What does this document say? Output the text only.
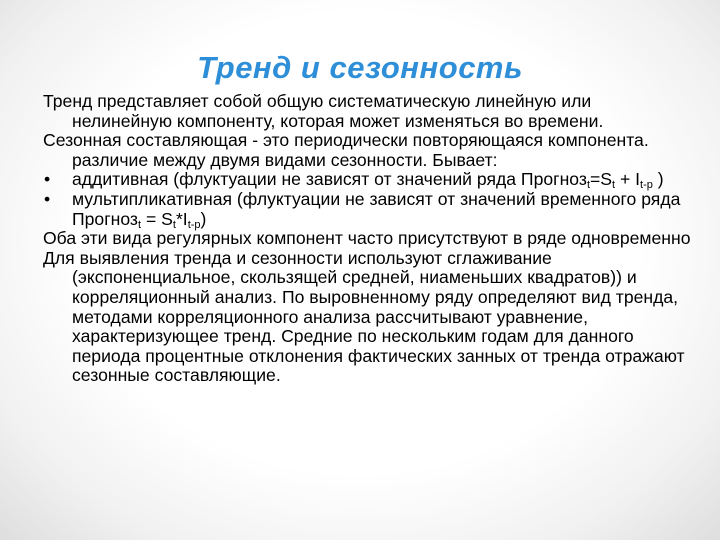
Тренд и сезонность

Тренд представляет собой общую систематическую линейную или нелинейную компоненту, которая может изменяться во времени.

Сезонная составляющая - это периодически повторяющаяся компонента. различие между двумя видами сезонности. Бывает:

•	аддитивная (флуктуации не зависят от значений ряда $Прогноз_t=S_t + I_{t-p}$ )
•	мультипликативная (флуктуации не зависят от значений временного ряда Прогноз$_t$ = $S_t*I_{t-p}$)

Оба эти вида регулярных компонент часто присутствуют в ряде одновременно

Для выявления тренда и сезонности используют сглаживание (экспоненциальное, скользящей средней, ниаменьших квадратов)) и корреляционный анализ. По выровненному ряду определяют вид тренда, методами корреляционного анализа рассчитывают уравнение, характеризующее тренд. Средние по нескольким годам для данного периода процентные отклонения фактических занных от тренда отражают сезонные составляющие.
